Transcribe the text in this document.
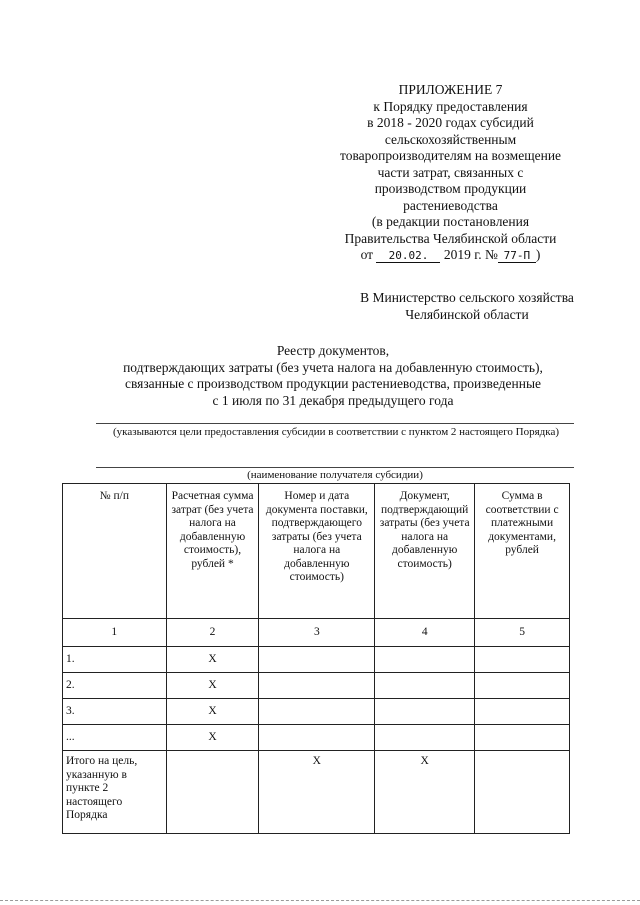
ПРИЛОЖЕНИЕ 7
к Порядку предоставления
в 2018 - 2020 годах субсидий
сельскохозяйственным
товаропроизводителям на возмещение
части затрат, связанных с
производством продукции
растениеводства
(в редакции постановления
Правительства Челябинской области
от 20.02. 2019 г. № 77-П )
В Министерство сельского хозяйства
Челябинской области
Реестр документов,
подтверждающих затраты (без учета налога на добавленную стоимость),
связанные с производством продукции растениеводства, произведенные
с 1 июля по 31 декабря предыдущего года
(указываются цели предоставления субсидии в соответствии с пунктом 2 настоящего Порядка)
(наименование получателя субсидии)
№ п/п	Расчетная сумма затрат (без учета налога на добавленную стоимость), рублей *	Номер и дата документа поставки, подтверждающего затраты (без учета налога на добавленную стоимость)	Документ, подтверждающий затраты (без учета налога на добавленную стоимость)	Сумма в соответствии с платежными документами, рублей
1	2	3	4	5
1.	Х			
2.	Х			
3.	Х			
...	Х			
Итого на цель, указанную в пункте 2 настоящего Порядка		Х	Х	
